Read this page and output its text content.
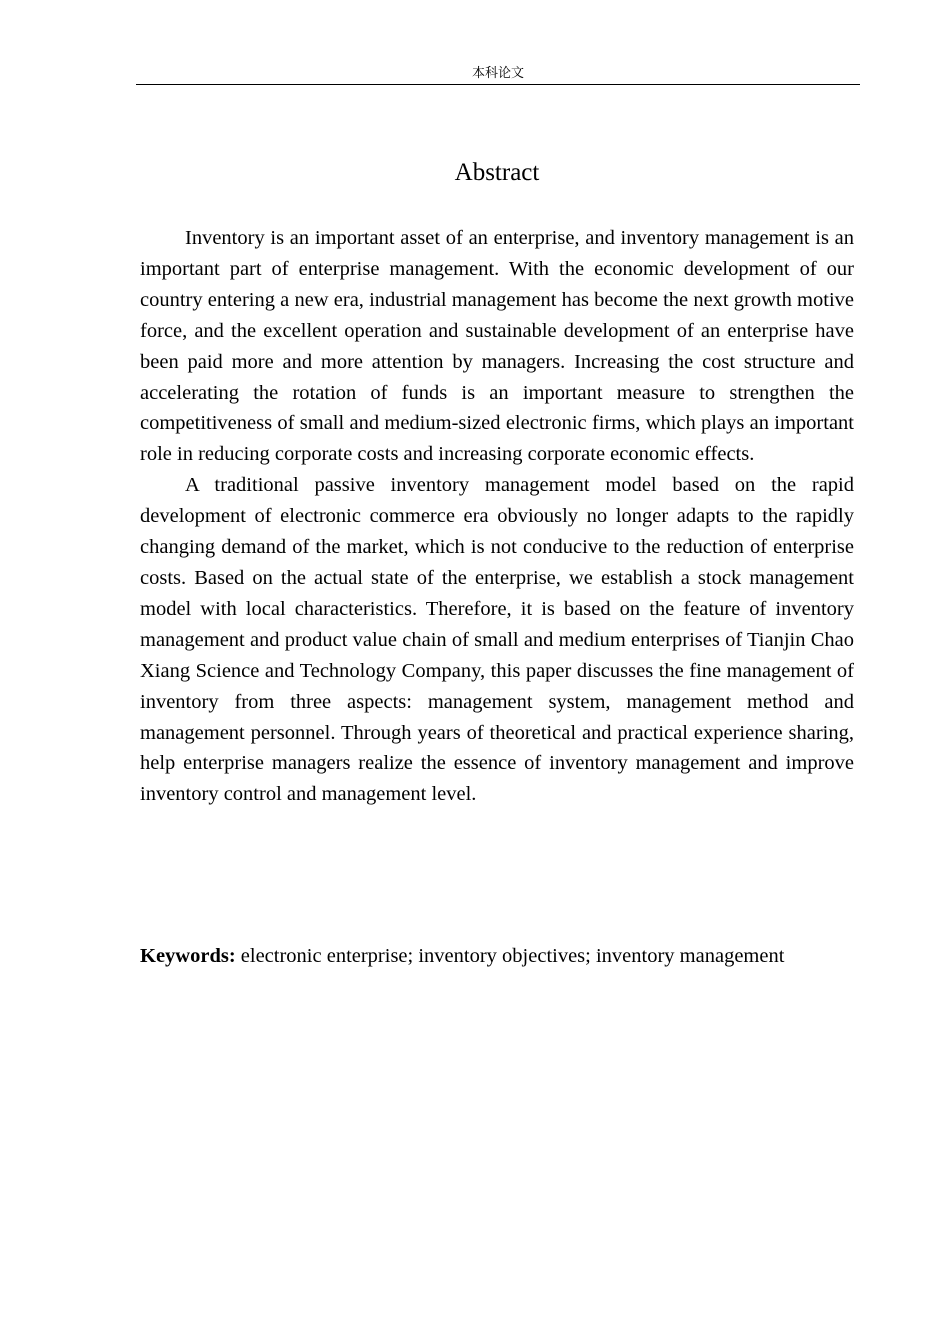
本科论文
Abstract

Inventory is an important asset of an enterprise, and inventory management is an important part of enterprise management. With the economic development of our country entering a new era, industrial management has become the next growth motive force, and the excellent operation and sustainable development of an enterprise have been paid more and more attention by managers. Increasing the cost structure and accelerating the rotation of funds is an important measure to strengthen the competitiveness of small and medium-sized electronic firms, which plays an important role in reducing corporate costs and increasing corporate economic effects.

A traditional passive inventory management model based on the rapid development of electronic commerce era obviously no longer adapts to the rapidly changing demand of the market, which is not conducive to the reduction of enterprise costs. Based on the actual state of the enterprise, we establish a stock management model with local characteristics. Therefore, it is based on the feature of inventory management and product value chain of small and medium enterprises of Tianjin Chao Xiang Science and Technology Company, this paper discusses the fine management of inventory from three aspects: management system, management method and management personnel. Through years of theoretical and practical experience sharing, help enterprise managers realize the essence of inventory management and improve inventory control and management level.

Keywords: electronic enterprise; inventory objectives; inventory management
